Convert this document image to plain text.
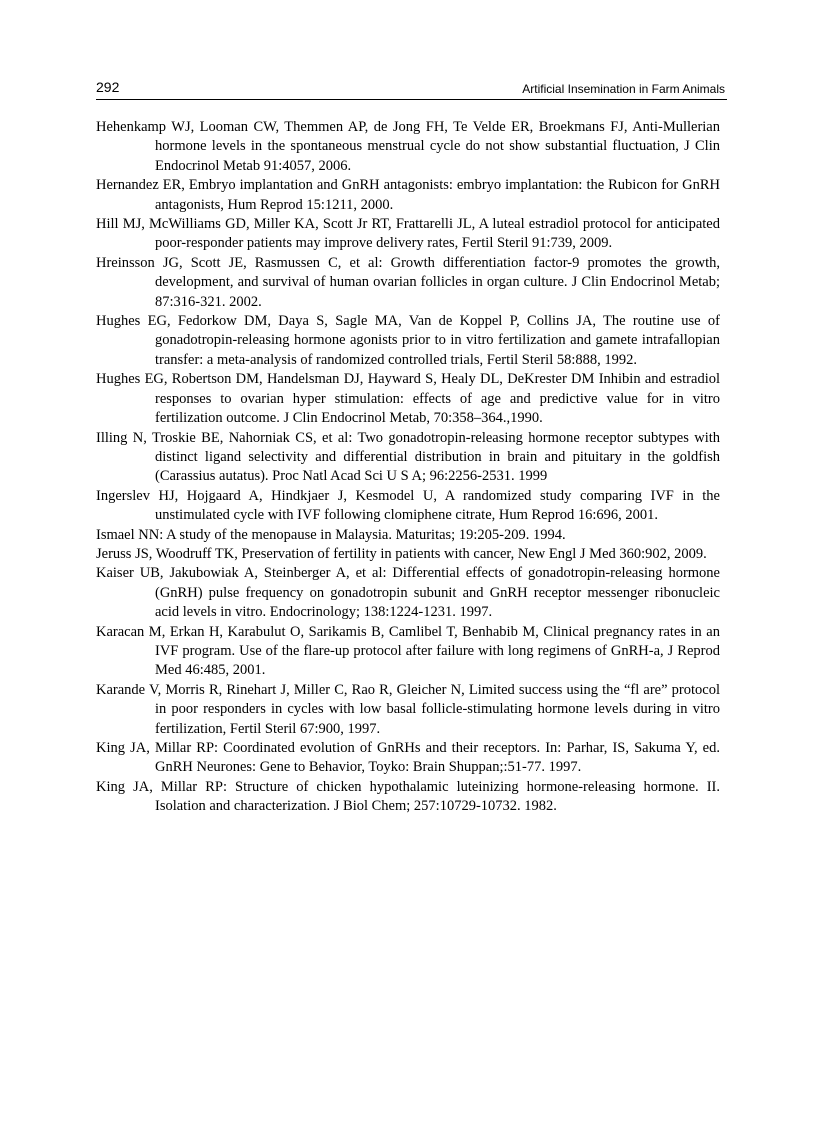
292	Artificial Insemination in Farm Animals

Hehenkamp WJ, Looman CW, Themmen AP, de Jong FH, Te Velde ER, Broekmans FJ, Anti-Mullerian hormone levels in the spontaneous menstrual cycle do not show substantial fluctuation, J Clin Endocrinol Metab 91:4057, 2006.

Hernandez ER, Embryo implantation and GnRH antagonists: embryo implantation: the Rubicon for GnRH antagonists, Hum Reprod 15:1211, 2000.

Hill MJ, McWilliams GD, Miller KA, Scott Jr RT, Frattarelli JL, A luteal estradiol protocol for anticipated poor-responder patients may improve delivery rates, Fertil Steril 91:739, 2009.

Hreinsson JG, Scott JE, Rasmussen C, et al: Growth differentiation factor-9 promotes the growth, development, and survival of human ovarian follicles in organ culture. J Clin Endocrinol Metab; 87:316-321. 2002.

Hughes EG, Fedorkow DM, Daya S, Sagle MA, Van de Koppel P, Collins JA, The routine use of gonadotropin-releasing hormone agonists prior to in vitro fertilization and gamete intrafallopian transfer: a meta-analysis of randomized controlled trials, Fertil Steril 58:888, 1992.

Hughes EG, Robertson DM, Handelsman DJ, Hayward S, Healy DL, DeKrester DM Inhibin and estradiol responses to ovarian hyper stimulation: effects of age and predictive value for in vitro fertilization outcome. J Clin Endocrinol Metab, 70:358–364.,1990.

Illing N, Troskie BE, Nahorniak CS, et al: Two gonadotropin-releasing hormone receptor subtypes with distinct ligand selectivity and differential distribution in brain and pituitary in the goldfish (Carassius autatus). Proc Natl Acad Sci U S A; 96:2256-2531. 1999

Ingerslev HJ, Hojgaard A, Hindkjaer J, Kesmodel U, A randomized study comparing IVF in the unstimulated cycle with IVF following clomiphene citrate, Hum Reprod 16:696, 2001.

Ismael NN: A study of the menopause in Malaysia. Maturitas; 19:205-209. 1994.

Jeruss JS, Woodruff TK, Preservation of fertility in patients with cancer, New Engl J Med 360:902, 2009.

Kaiser UB, Jakubowiak A, Steinberger A, et al: Differential effects of gonadotropin-releasing hormone (GnRH) pulse frequency on gonadotropin subunit and GnRH receptor messenger ribonucleic acid levels in vitro. Endocrinology; 138:1224-1231. 1997.

Karacan M, Erkan H, Karabulut O, Sarikamis B, Camlibel T, Benhabib M, Clinical pregnancy rates in an IVF program. Use of the flare-up protocol after failure with long regimens of GnRH-a, J Reprod Med 46:485, 2001.

Karande V, Morris R, Rinehart J, Miller C, Rao R, Gleicher N, Limited success using the “fl are” protocol in poor responders in cycles with low basal follicle-stimulating hormone levels during in vitro fertilization, Fertil Steril 67:900, 1997.

King JA, Millar RP: Coordinated evolution of GnRHs and their receptors. In: Parhar, IS, Sakuma Y, ed. GnRH Neurones: Gene to Behavior, Toyko: Brain Shuppan;:51-77. 1997.

King JA, Millar RP: Structure of chicken hypothalamic luteinizing hormone-releasing hormone. II. Isolation and characterization. J Biol Chem; 257:10729-10732. 1982.
